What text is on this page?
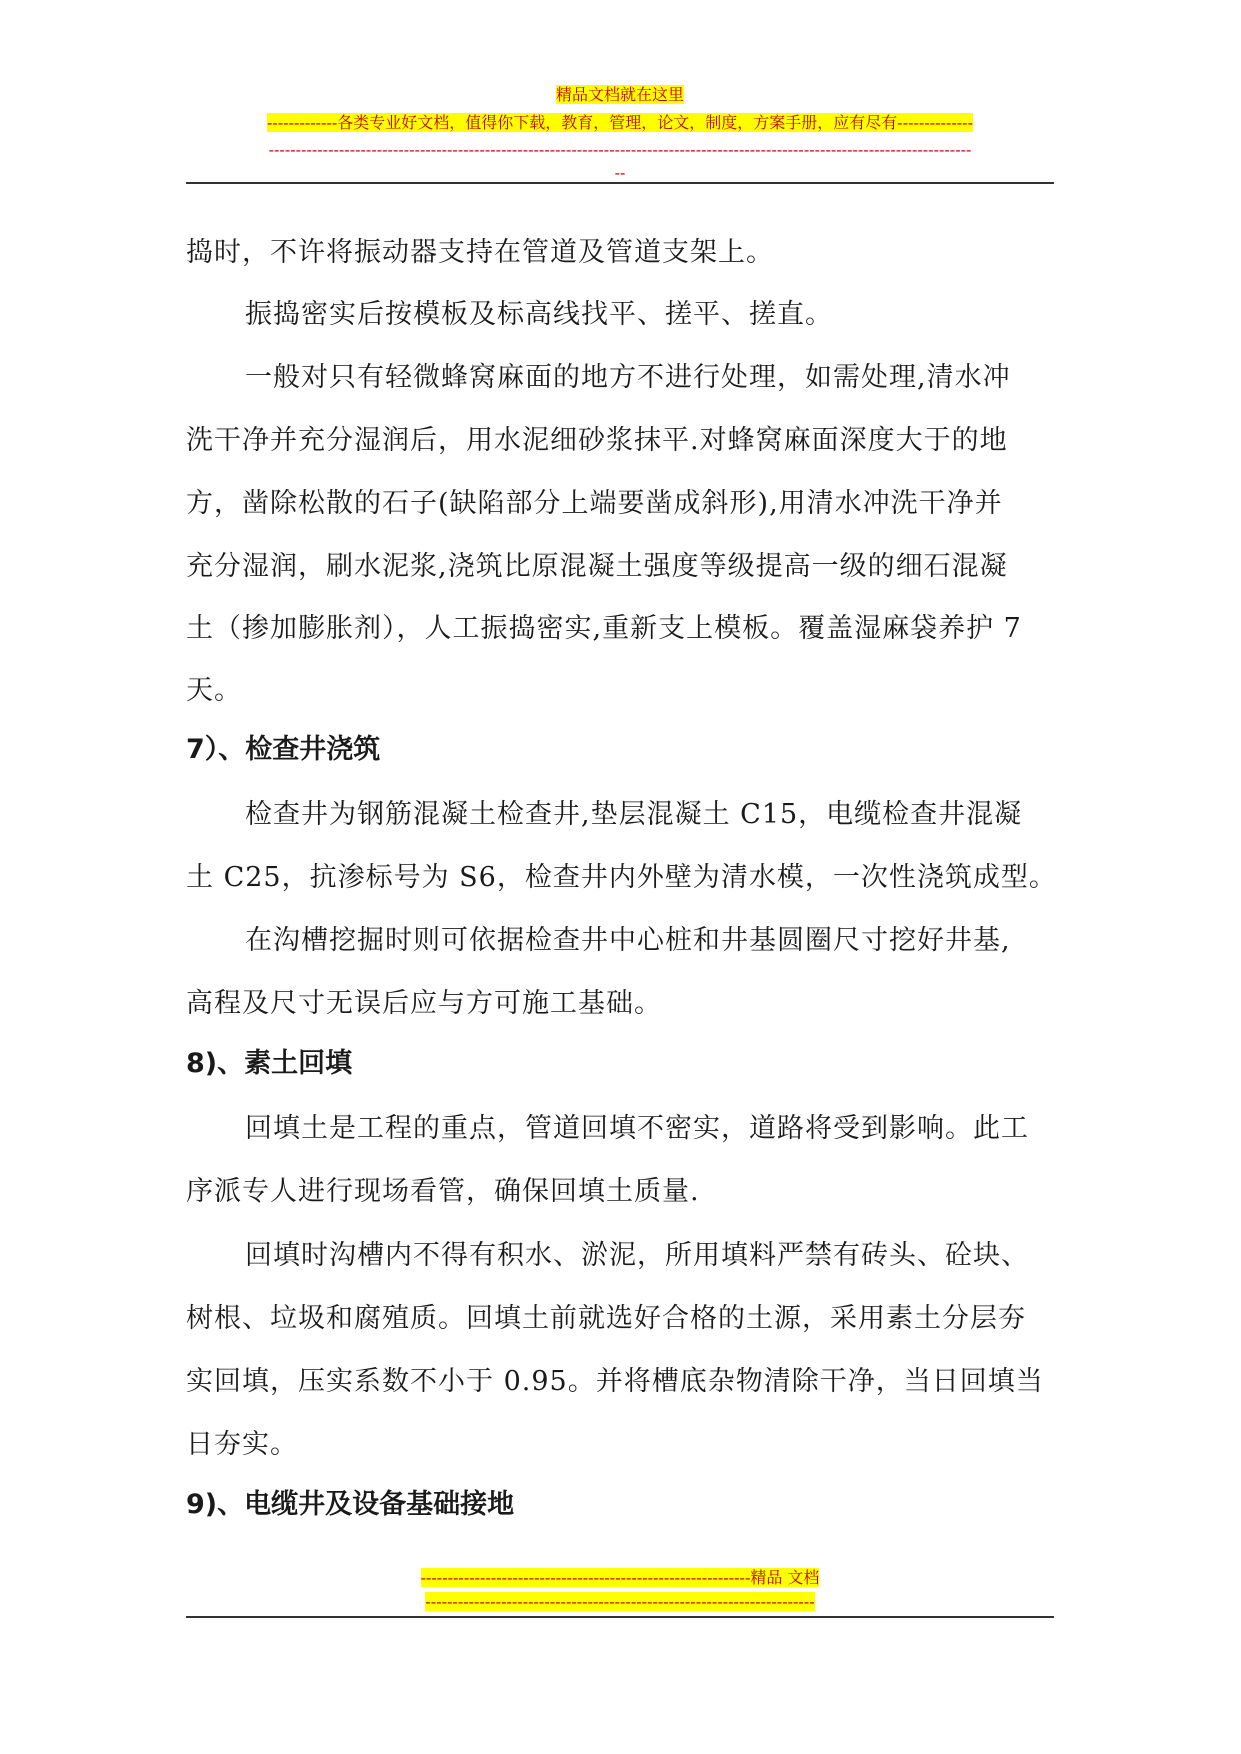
精品文档就在这里
-------------各类专业好文档，值得你下载，教育，管理，论文，制度，方案手册，应有尽有--------------
----------------------------------------------------------------------------------------------------------------------------------
--
捣时，不许将振动器支持在管道及管道支架上。
振捣密实后按模板及标高线找平、搓平、搓直。
一般对只有轻微蜂窝麻面的地方不进行处理，如需处理,清水冲
洗干净并充分湿润后，用水泥细砂浆抹平.对蜂窝麻面深度大于的地
方，凿除松散的石子(缺陷部分上端要凿成斜形),用清水冲洗干净并
充分湿润，刷水泥浆,浇筑比原混凝土强度等级提高一级的细石混凝
土（掺加膨胀剂），人工振捣密实,重新支上模板。覆盖湿麻袋养护 7
天。
7）、检查井浇筑
检查井为钢筋混凝土检查井,垫层混凝土 C15，电缆检查井混凝
土 C25，抗渗标号为 S6，检查井内外壁为清水模，一次性浇筑成型。
在沟槽挖掘时则可依据检查井中心桩和井基圆圈尺寸挖好井基,
高程及尺寸无误后应与方可施工基础。
8)、素土回填
回填土是工程的重点，管道回填不密实，道路将受到影响。此工
序派专人进行现场看管，确保回填土质量.
回填时沟槽内不得有积水、淤泥，所用填料严禁有砖头、砼块、
树根、垃圾和腐殖质。回填土前就选好合格的土源，采用素土分层夯
实回填，压实系数不小于 0.95。并将槽底杂物清除干净，当日回填当
日夯实。
9)、电缆井及设备基础接地
-------------------------------------------------------------精品 文档
------------------------------------------------------------------------
